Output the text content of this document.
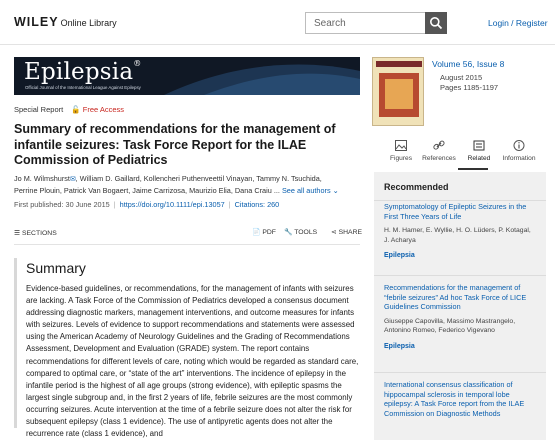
WILEY Online Library	Search	Login / Register
Epilepsia®
Official Journal of the International League Against Epilepsy
Volume 56, Issue 8
August 2015
Pages 1185-1197
Special Report 🔓 Free Access
Summary of recommendations for the management of infantile seizures: Task Force Report for the ILAE Commission of Pediatrics
Jo M. Wilmshurst✉, William D. Gaillard, Kollencheri Puthenveettil Vinayan, Tammy N. Tsuchida,
Perrine Plouin, Patrick Van Bogaert, Jaime Carrizosa, Maurizio Elia, Dana Craiu ... See all authors ⌄
First published: 30 June 2015 | https://doi.org/10.1111/epi.13057 | Citations: 260
☰ SECTIONS	📄 PDF 🔧 TOOLS ⋖ SHARE
Summary
Evidence-based guidelines, or recommendations, for the management of infants with seizures are lacking. A Task Force of the Commission of Pediatrics developed a consensus document addressing diagnostic markers, management interventions, and outcome measures for infants with seizures. Levels of evidence to support recommendations and statements were assessed using the American Academy of Neurology Guidelines and the Grading of Recommendations Assessment, Development and Evaluation (GRADE) system. The report contains recommendations for different levels of care, noting which would be regarded as standard care, compared to optimal care, or “state of the art” interventions. The incidence of epilepsy in the infantile period is the highest of all age groups (strong evidence), with epileptic spasms the largest single subgroup and, in the first 2 years of life, febrile seizures are the most commonly occurring seizures. Acute intervention at the time of a febrile seizure does not alter the risk for subsequent epilepsy (class 1 evidence). The use of antipyretic agents does not alter the recurrence rate (class 1 evidence), and
Figures	References	Related	Information
Recommended
Symptomatology of Epileptic Seizures in the First Three Years of Life
H. M. Hamer, E. Wyllie, H. O. Lüders, P. Kotagal, J. Acharya
Epilepsia
Recommendations for the management of “febrile seizures” Ad hoc Task Force of LICE Guidelines Commission
Giuseppe Capovilla, Massimo Mastrangelo, Antonino Romeo, Federico Vigevano
Epilepsia
International consensus classification of hippocampal sclerosis in temporal lobe epilepsy: A Task Force report from the ILAE Commission on Diagnostic Methods
